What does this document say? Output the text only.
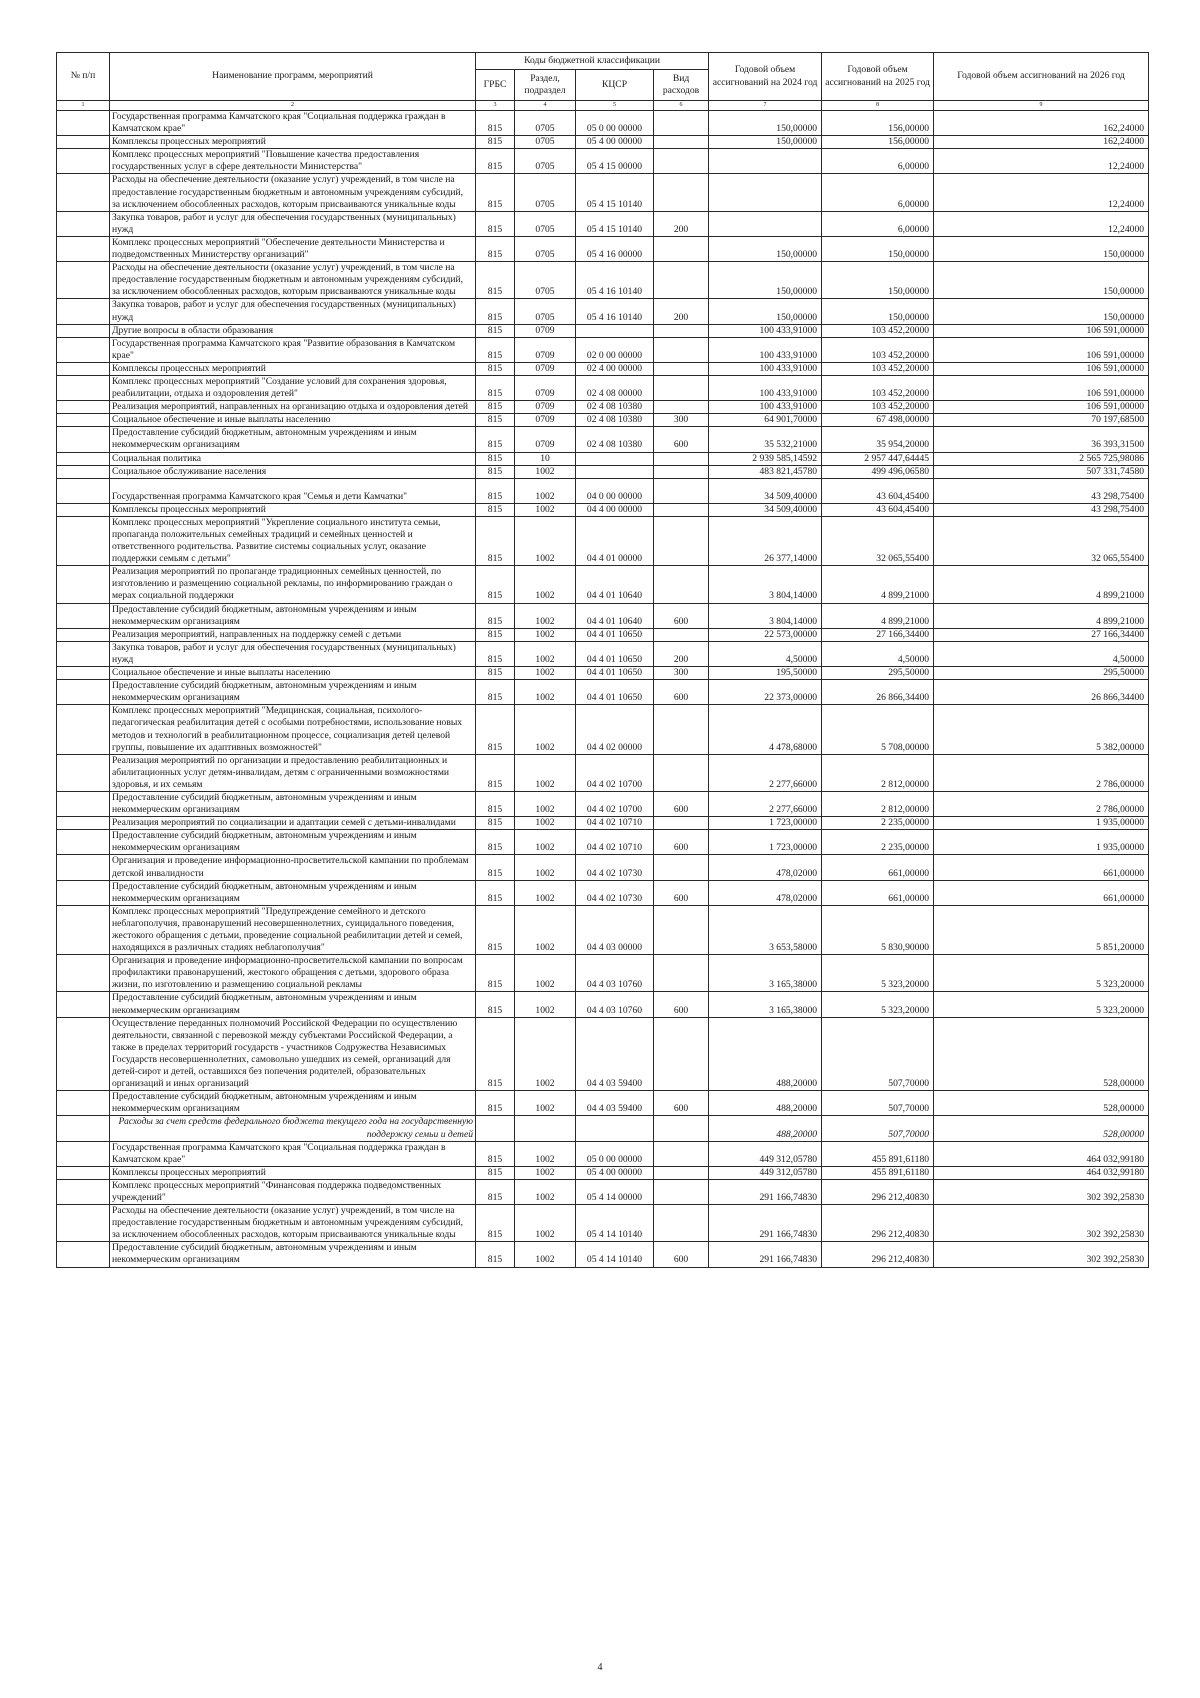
№ п/п	Наименование программ, мероприятий	Коды бюджетной классификации				Годовой объем ассигнований на 2024 год	Годовой объем ассигнований на 2025 год	Годовой объем ассигнований на 2026 год
		ГРБС	Раздел, подраздел	КЦСР	Вид расходов			
1	2	3	4	5	6	7	8	9
	Государственная программа Камчатского края "Социальная поддержка граждан в Камчатском крае"	815	0705	05 0 00 00000		150,00000	156,00000	162,24000
	Комплексы процессных мероприятий	815	0705	05 4 00 00000		150,00000	156,00000	162,24000
	Комплекс процессных мероприятий "Повышение качества предоставления государственных услуг в сфере деятельности Министерства"	815	0705	05 4 15 00000			6,00000	12,24000
	Расходы на обеспечение деятельности (оказание услуг) учреждений, в том числе на предоставление государственным бюджетным и автономным учреждениям субсидий, за исключением обособленных расходов, которым присваиваются уникальные коды	815	0705	05 4 15 10140			6,00000	12,24000
	Закупка товаров, работ и услуг для обеспечения государственных (муниципальных) нужд	815	0705	05 4 15 10140	200		6,00000	12,24000
	Комплекс процессных мероприятий "Обеспечение деятельности Министерства и подведомственных Министерству организаций"	815	0705	05 4 16 00000		150,00000	150,00000	150,00000
	Расходы на обеспечение деятельности (оказание услуг) учреждений, в том числе на предоставление государственным бюджетным и автономным учреждениям субсидий, за исключением обособленных расходов, которым присваиваются уникальные коды	815	0705	05 4 16 10140		150,00000	150,00000	150,00000
	Закупка товаров, работ и услуг для обеспечения государственных (муниципальных) нужд	815	0705	05 4 16 10140	200	150,00000	150,00000	150,00000
	Другие вопросы в области образования	815	0709			100 433,91000	103 452,20000	106 591,00000
	Государственная программа Камчатского края "Развитие образования в Камчатском крае"	815	0709	02 0 00 00000		100 433,91000	103 452,20000	106 591,00000
	Комплексы процессных мероприятий	815	0709	02 4 00 00000		100 433,91000	103 452,20000	106 591,00000
	Комплекс процессных мероприятий "Создание условий для сохранения здоровья, реабилитации, отдыха и оздоровления детей"	815	0709	02 4 08 00000		100 433,91000	103 452,20000	106 591,00000
	Реализация мероприятий, направленных на организацию отдыха и оздоровления детей	815	0709	02 4 08 10380		100 433,91000	103 452,20000	106 591,00000
	Социальное обеспечение и иные выплаты населению	815	0709	02 4 08 10380	300	64 901,70000	67 498,00000	70 197,68500
	Предоставление субсидий бюджетным, автономным учреждениям и иным некоммерческим организациям	815	0709	02 4 08 10380	600	35 532,21000	35 954,20000	36 393,31500
	Социальная политика	815	10			2 939 585,14592	2 957 447,64445	2 565 725,98086
	Социальное обслуживание населения	815	1002			483 821,45780	499 496,06580	507 331,74580
	Государственная программа Камчатского края "Семья и дети Камчатки"	815	1002	04 0 00 00000		34 509,40000	43 604,45400	43 298,75400
	Комплексы процессных мероприятий	815	1002	04 4 00 00000		34 509,40000	43 604,45400	43 298,75400
	Комплекс процессных мероприятий "Укрепление социального института семьи, пропаганда положительных семейных традиций и семейных ценностей и ответственного родительства. Развитие системы социальных услуг, оказание поддержки семьям с детьми"	815	1002	04 4 01 00000		26 377,14000	32 065,55400	32 065,55400
	Реализация мероприятий по пропаганде традиционных семейных ценностей, по изготовлению и размещению социальной рекламы, по информированию граждан о мерах социальной поддержки	815	1002	04 4 01 10640		3 804,14000	4 899,21000	4 899,21000
	Предоставление субсидий бюджетным, автономным учреждениям и иным некоммерческим организациям	815	1002	04 4 01 10640	600	3 804,14000	4 899,21000	4 899,21000
	Реализация мероприятий, направленных на поддержку семей с детьми	815	1002	04 4 01 10650		22 573,00000	27 166,34400	27 166,34400
	Закупка товаров, работ и услуг для обеспечения государственных (муниципальных) нужд	815	1002	04 4 01 10650	200	4,50000	4,50000	4,50000
	Социальное обеспечение и иные выплаты населению	815	1002	04 4 01 10650	300	195,50000	295,50000	295,50000
	Предоставление субсидий бюджетным, автономным учреждениям и иным некоммерческим организациям	815	1002	04 4 01 10650	600	22 373,00000	26 866,34400	26 866,34400
	Комплекс процессных мероприятий "Медицинская, социальная, психолого-педагогическая реабилитация детей с особыми потребностями, использование новых методов и технологий в реабилитационном процессе, социализация детей целевой группы, повышение их адаптивных возможностей"	815	1002	04 4 02 00000		4 478,68000	5 708,00000	5 382,00000
	Реализация мероприятий по организации и предоставлению реабилитационных и абилитационных услуг детям-инвалидам, детям с ограниченными возможностями здоровья, и их семьям	815	1002	04 4 02 10700		2 277,66000	2 812,00000	2 786,00000
	Предоставление субсидий бюджетным, автономным учреждениям и иным некоммерческим организациям	815	1002	04 4 02 10700	600	2 277,66000	2 812,00000	2 786,00000
	Реализация мероприятий по социализации и адаптации семей с детьми-инвалидами	815	1002	04 4 02 10710		1 723,00000	2 235,00000	1 935,00000
	Предоставление субсидий бюджетным, автономным учреждениям и иным некоммерческим организациям	815	1002	04 4 02 10710	600	1 723,00000	2 235,00000	1 935,00000
	Организация и проведение информационно-просветительской кампании по проблемам детской инвалидности	815	1002	04 4 02 10730		478,02000	661,00000	661,00000
	Предоставление субсидий бюджетным, автономным учреждениям и иным некоммерческим организациям	815	1002	04 4 02 10730	600	478,02000	661,00000	661,00000
	Комплекс процессных мероприятий "Предупреждение семейного и детского неблагополучия, правонарушений несовершеннолетних, суицидального поведения, жестокого обращения с детьми, проведение социальной реабилитации детей и семей, находящихся в различных стадиях неблагополучия"	815	1002	04 4 03 00000		3 653,58000	5 830,90000	5 851,20000
	Организация и проведение информационно-просветительской кампании по вопросам профилактики правонарушений, жестокого обращения с детьми, здорового образа жизни, по изготовлению и размещению социальной рекламы	815	1002	04 4 03 10760		3 165,38000	5 323,20000	5 323,20000
	Предоставление субсидий бюджетным, автономным учреждениям и иным некоммерческим организациям	815	1002	04 4 03 10760	600	3 165,38000	5 323,20000	5 323,20000
	Осуществление переданных полномочий Российской Федерации по осуществлению деятельности, связанной с перевозкой между субъектами Российской Федерации, а также в пределах территорий государств - участников Содружества Независимых Государств несовершеннолетних, самовольно ушедших из семей, организаций для детей-сирот и детей, оставшихся без попечения родителей, образовательных организаций и иных организаций	815	1002	04 4 03 59400		488,20000	507,70000	528,00000
	Предоставление субсидий бюджетным, автономным учреждениям и иным некоммерческим организациям	815	1002	04 4 03 59400	600	488,20000	507,70000	528,00000
	Расходы за счет средств федерального бюджета текущего года на государственную поддержку семьи и детей					488,20000	507,70000	528,00000
	Государственная программа Камчатского края "Социальная поддержка граждан в Камчатском крае"	815	1002	05 0 00 00000		449 312,05780	455 891,61180	464 032,99180
	Комплексы процессных мероприятий	815	1002	05 4 00 00000		449 312,05780	455 891,61180	464 032,99180
	Комплекс процессных мероприятий "Финансовая поддержка подведомственных учреждений"	815	1002	05 4 14 00000		291 166,74830	296 212,40830	302 392,25830
	Расходы на обеспечение деятельности (оказание услуг) учреждений, в том числе на предоставление государственным бюджетным и автономным учреждениям субсидий, за исключением обособленных расходов, которым присваиваются уникальные коды	815	1002	05 4 14 10140		291 166,74830	296 212,40830	302 392,25830
	Предоставление субсидий бюджетным, автономным учреждениям и иным некоммерческим организациям	815	1002	05 4 14 10140	600	291 166,74830	296 212,40830	302 392,25830
4
